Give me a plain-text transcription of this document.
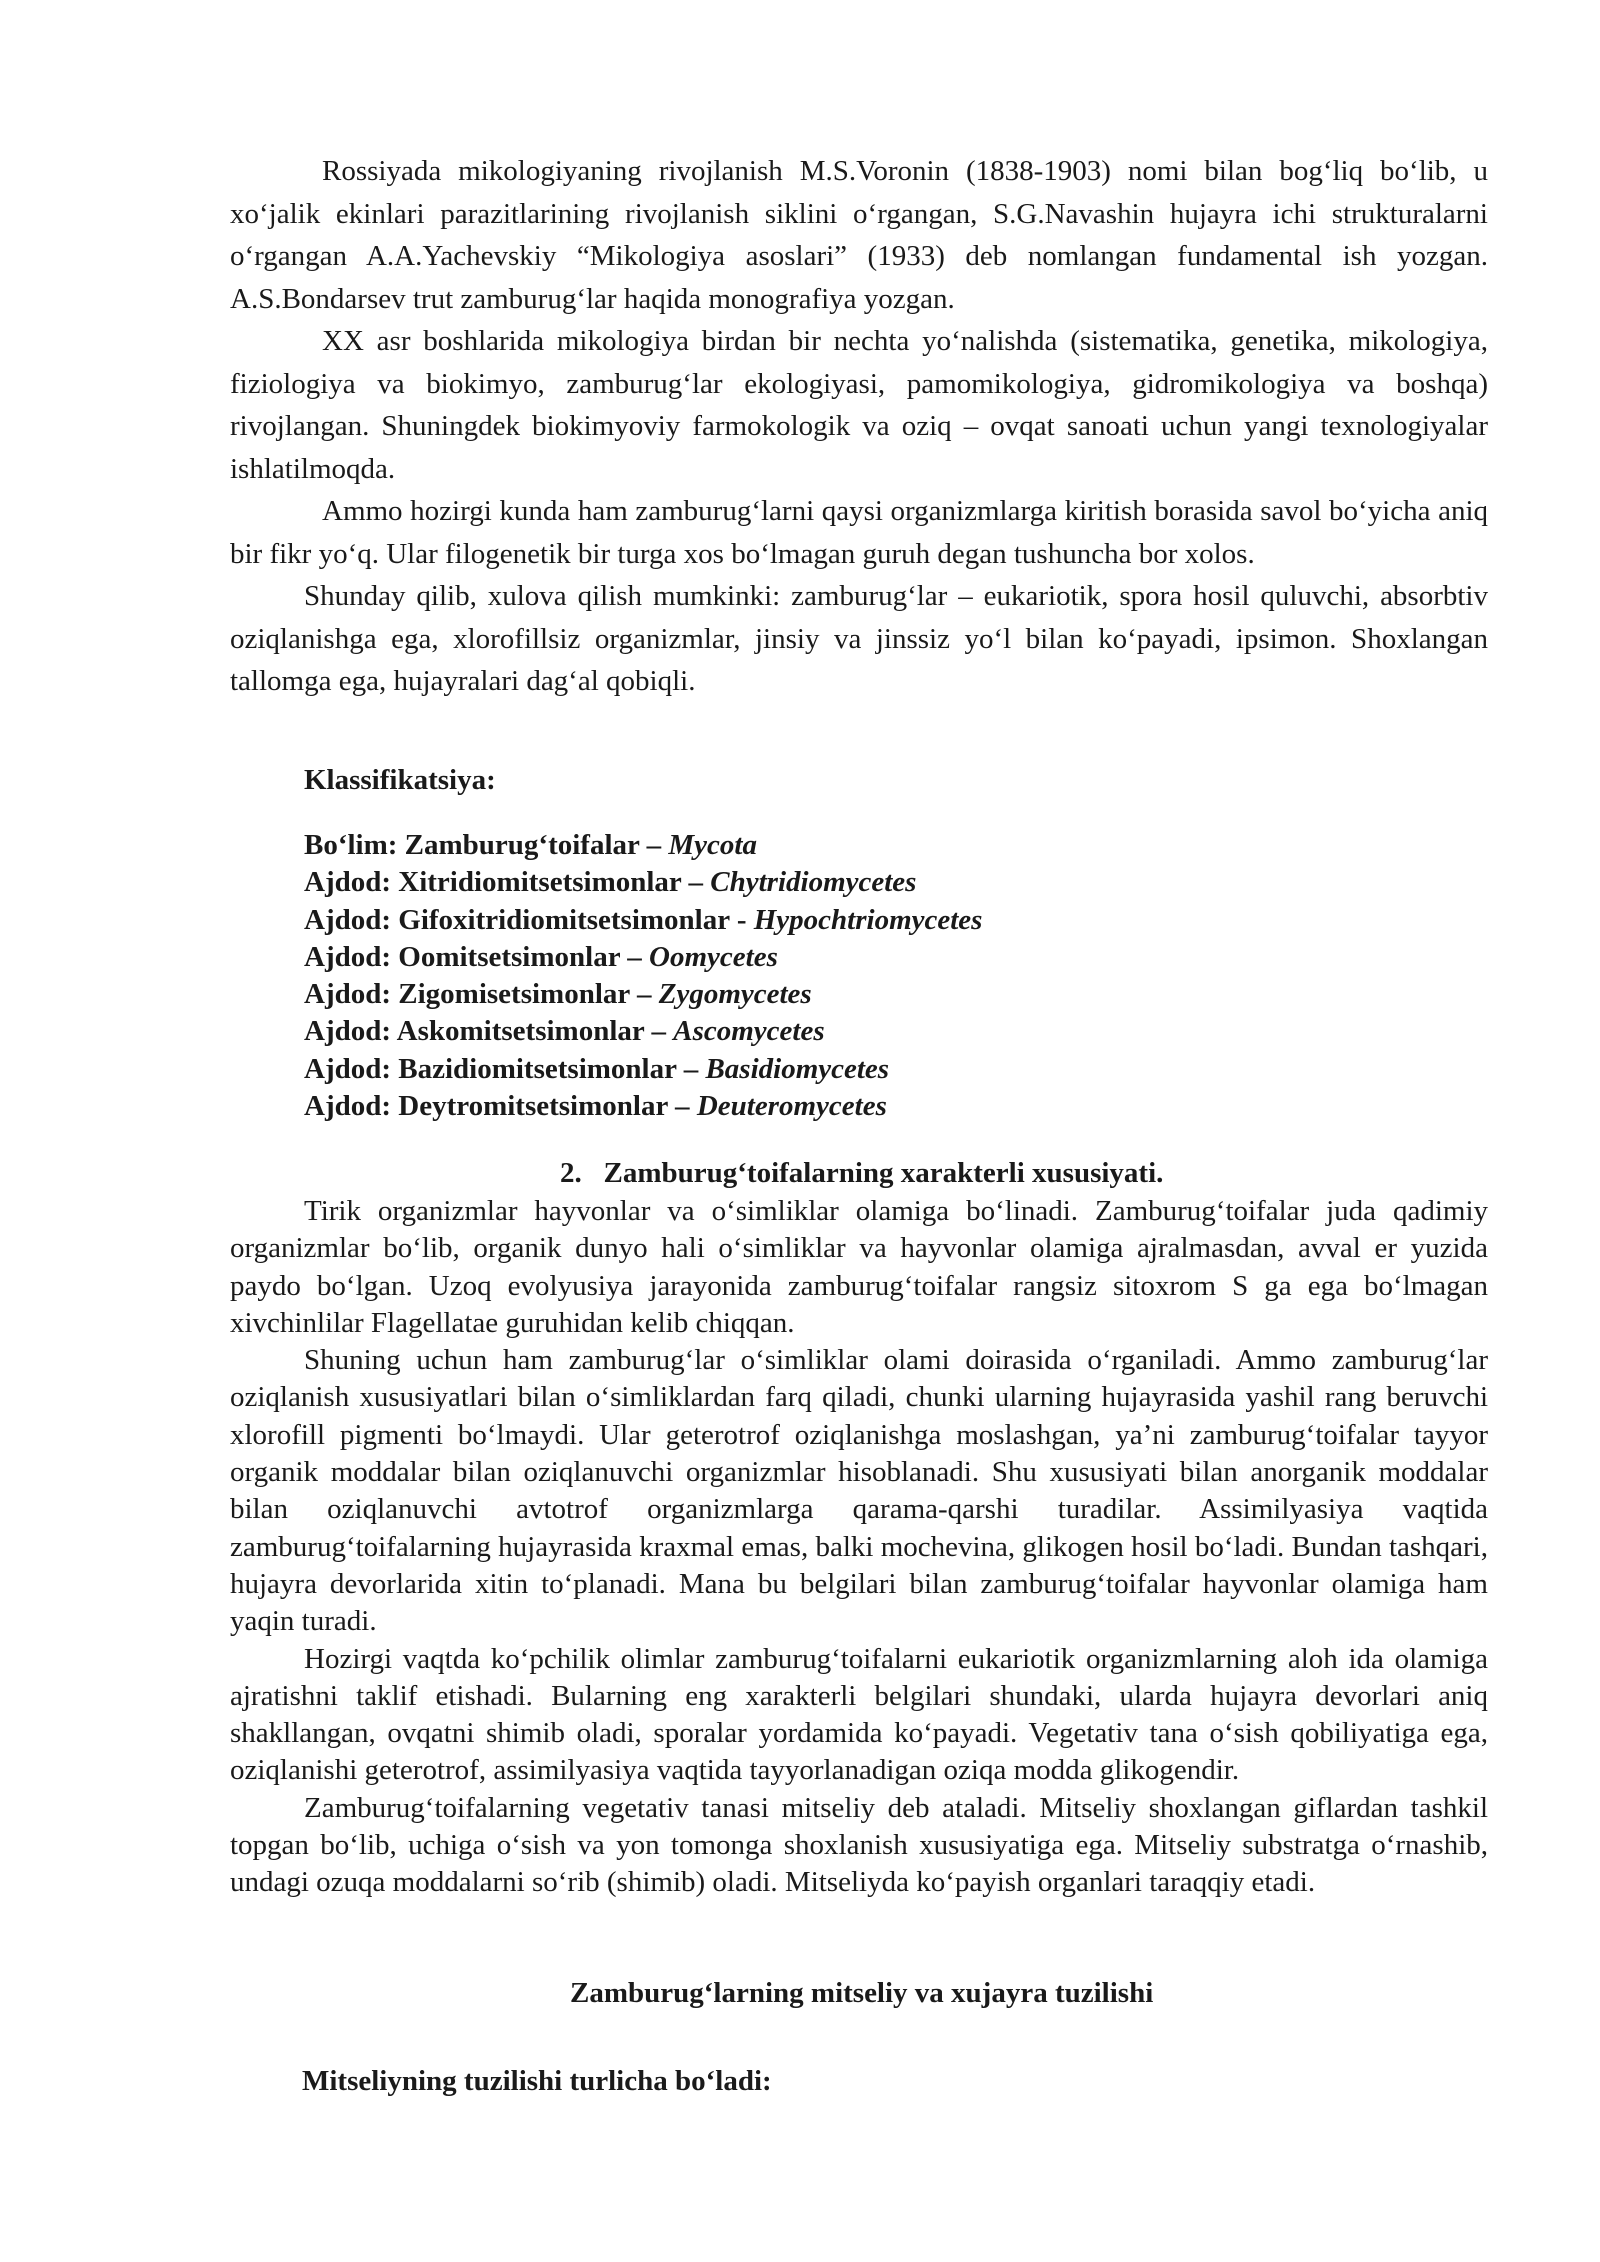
Rossiyada mikologiyaning rivojlanish M.S.Voronin (1838-1903) nomi bilan bog‘liq bo‘lib, u xo‘jalik ekinlari parazitlarining rivojlanish siklini o‘rgangan, S.G.Navashin hujayra ichi strukturalarni o‘rgangan A.A.Yachevskiy “Mikologiya asoslari” (1933) deb nomlangan fundamental ish yozgan. A.S.Bondarsev trut zamburug‘lar haqida monografiya yozgan.

XX asr boshlarida mikologiya birdan bir nechta yo‘nalishda (sistematika, genetika, mikologiya, fiziologiya va biokimyo, zamburug‘lar ekologiyasi, pamomikologiya, gidromikologiya va boshqa) rivojlangan. Shuningdek biokimyoviy farmokologik va oziq – ovqat sanoati uchun yangi texnologiyalar ishlatilmoqda.

Ammo hozirgi kunda ham zamburug‘larni qaysi organizmlarga kiritish borasida savol bo‘yicha aniq bir fikr yo‘q. Ular filogenetik bir turga xos bo‘lmagan guruh degan tushuncha bor xolos.

Shunday qilib, xulova qilish mumkinki: zamburug‘lar – eukariotik, spora hosil quluvchi, absorbtiv oziqlanishga ega, xlorofillsiz organizmlar, jinsiy va jinssiz yo‘l bilan ko‘payadi, ipsimon. Shoxlangan tallomga ega, hujayralari dag‘al qobiqli.

Klassifikatsiya:

Bo‘lim: Zamburug‘toifalar – Mycota

Ajdod: Xitridiomitsetsimonlar – Chytridiomycetes

Ajdod: Gifoxitridiomitsetsimonlar - Hypochtriomycetes

Ajdod: Oomitsetsimonlar – Oomycetes

Ajdod: Zigomisetsimonlar – Zygomycetes

Ajdod: Askomitsetsimonlar – Ascomycetes

Ajdod: Bazidiomitsetsimonlar – Basidiomycetes

Ajdod: Deytromitsetsimonlar – Deuteromycetes

2.   Zamburug‘toifalarning xarakterli xususiyati.

Tirik organizmlar hayvonlar va o‘simliklar olamiga bo‘linadi. Zamburug‘toifalar juda qadimiy organizmlar bo‘lib, organik dunyo hali o‘simliklar va hayvonlar olamiga ajralmasdan, avval er yuzida paydo bo‘lgan. Uzoq evolyusiya jarayonida zamburug‘toifalar rangsiz sitoxrom S ga ega bo‘lmagan xivchinlilar Flagellatae guruhidan kelib chiqqan.

Shuning uchun ham zamburug‘lar o‘simliklar olami doirasida o‘rganiladi. Ammo zamburug‘lar oziqlanish xususiyatlari bilan o‘simliklardan farq qiladi, chunki ularning hujayrasida yashil rang beruvchi xlorofill pigmenti bo‘lmaydi. Ular geterotrof oziqlanishga moslashgan, ya’ni zamburug‘toifalar tayyor organik moddalar bilan oziqlanuvchi organizmlar hisoblanadi. Shu xususiyati bilan anorganik moddalar bilan oziqlanuvchi avtotrof organizmlarga qarama-qarshi turadilar. Assimilyasiya vaqtida zamburug‘toifalarning hujayrasida kraxmal emas, balki mochevina, glikogen hosil bo‘ladi. Bundan tashqari, hujayra devorlarida xitin to‘planadi. Mana bu belgilari bilan zamburug‘toifalar hayvonlar olamiga ham yaqin turadi.

Hozirgi vaqtda ko‘pchilik olimlar zamburug‘toifalarni eukariotik organizmlarning aloh ida olamiga ajratishni taklif etishadi. Bularning eng xarakterli belgilari shundaki, ularda hujayra devorlari aniq shakllangan, ovqatni shimib oladi, sporalar yordamida ko‘payadi. Vegetativ tana o‘sish qobiliyatiga ega, oziqlanishi geterotrof, assimilyasiya vaqtida tayyorlanadigan oziqa modda glikogendir.

Zamburug‘toifalarning vegetativ tanasi mitseliy deb ataladi. Mitseliy shoxlangan giflardan tashkil topgan bo‘lib, uchiga o‘sish va yon tomonga shoxlanish xususiyatiga ega. Mitseliy substratga o‘rnashib, undagi ozuqa moddalarni so‘rib (shimib) oladi. Mitseliyda ko‘payish organlari taraqqiy etadi.

Zamburug‘larning mitseliy va xujayra tuzilishi
Mitseliyning tuzilishi turlicha bo‘ladi:
